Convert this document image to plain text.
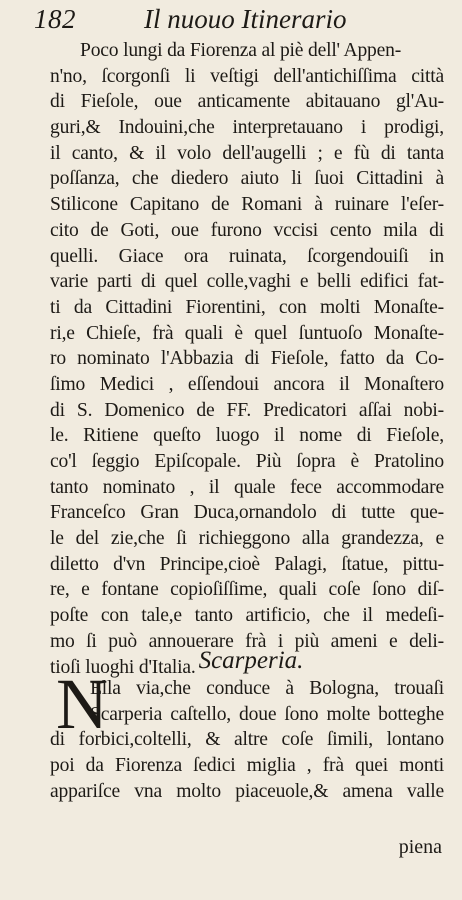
182	Il nuouo Itinerario
Poco lungi da Fiorenza al piè dell' Appen-
n'no, ſcorgonſi li veſtigi dell'antichiſſima città
di Fieſole, oue anticamente abitauano gl'Au-
guri,& Indouini,che interpretauano i prodigi,
il canto, & il volo dell'augelli ; e fù di tanta
poſſanza, che diedero aiuto li ſuoi Cittadini à
Stilicone Capitano de Romani à ruinare l'eſer-
cito de Goti, oue furono vccisi cento mila di
quelli. Giace ora ruinata, ſcorgendouiſi in
varie parti di quel colle,vaghi e belli edifici fat-
ti da Cittadini Fiorentini, con molti Monaſte-
ri,e Chieſe, frà quali è quel ſuntuoſo Monaſte-
ro nominato l'Abbazia di Fieſole, fatto da Co-
ſimo Medici , eſſendoui ancora il Monaſtero
di S. Domenico de FF. Predicatori aſſai nobi-
le. Ritiene queſto luogo il nome di Fieſole,
co'l ſeggio Epiſcopale. Più ſopra è Pratolino
tanto nominato , il quale fece accommodare
Franceſco Gran Duca,ornandolo di tutte que-
le del zie,che ſi richieggono alla grandezza, e
diletto d'vn Principe,cioè Palagi, ſtatue, pittu-
re, e fontane copioſiſſime, quali coſe ſono diſ-
poſte con tale,e tanto artificio, che il medeſi-
mo ſi può annouerare frà i più ameni e deli-
tioſi luoghi d'Italia. Scarperia.
N
Ella via,che conduce à Bologna, trouaſi
Scarperia caſtello, doue ſono molte botteghe
di forbici,coltelli, & altre coſe ſimili, lontano
poi da Fiorenza ſedici miglia , frà quei monti
appariſce vna molto piaceuole,& amena valle
piena
